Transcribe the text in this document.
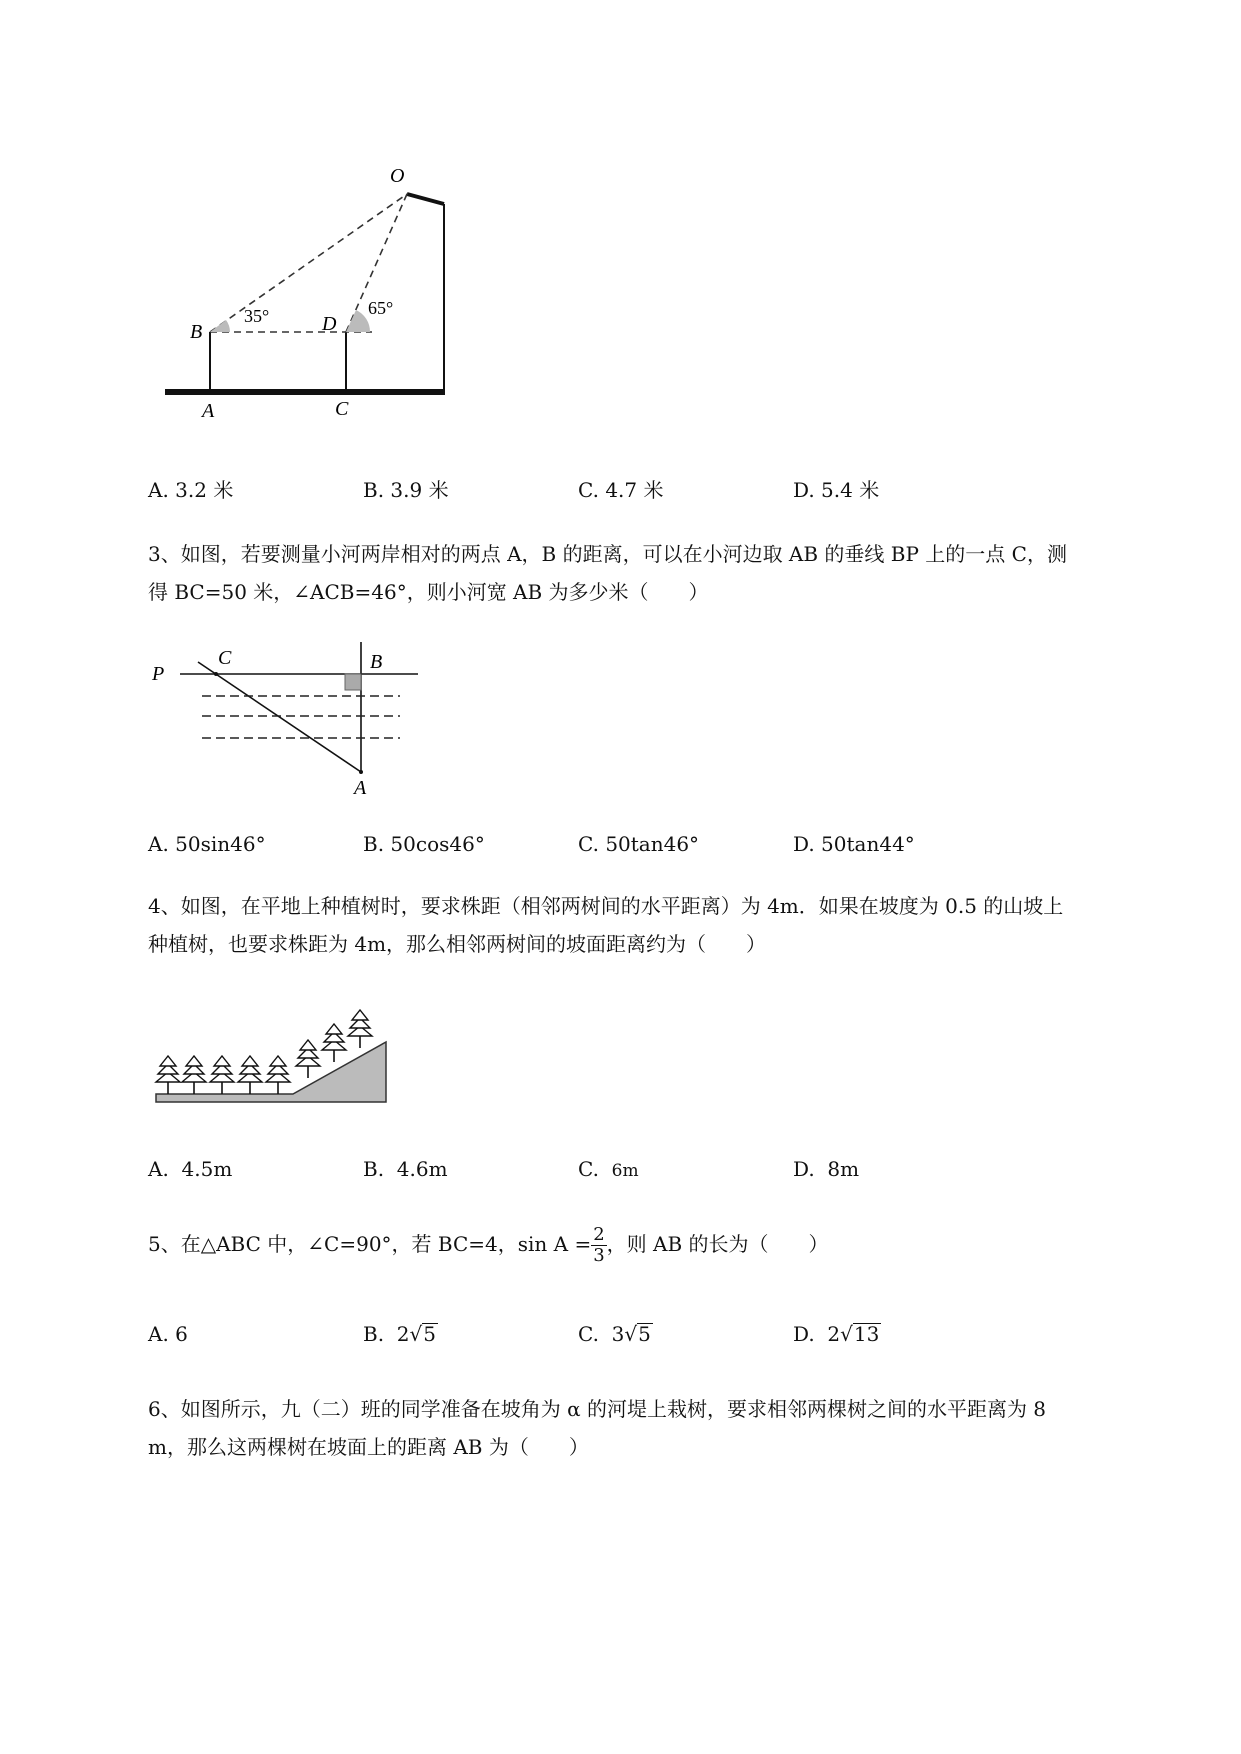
O
B	D
A	C
35°	65°
A. 3.2 米	B. 3.9 米	C. 4.7 米	D. 5.4 米
3、如图，若要测量小河两岸相对的两点 A，B 的距离，可以在小河边取 AB 的垂线 BP 上的一点 C，测
得 BC=50 米，∠ACB=46°，则小河宽 AB 为多少米（　　）
P
C	B
A
A. 50sin46°	B. 50cos46°	C. 50tan46°	D. 50tan44°
4、如图，在平地上种植树时，要求株距（相邻两树间的水平距离）为 4m．如果在坡度为 0.5 的山坡上
种植树，也要求株距为 4m，那么相邻两树间的坡面距离约为（　　）
A. 4.5m	B. 4.6m	C. 6m	D. 8m
5、在△ABC 中，∠C=90°，若 BC=4，$\sin A = \frac{2}{3}$ ，则 AB 的长为（　　）
A. 6	B. 2√5	C. 3√5	D. 2√13
6、如图所示，九（二）班的同学准备在坡角为 α 的河堤上栽树，要求相邻两棵树之间的水平距离为 8
m，那么这两棵树在坡面上的距离 AB 为（　　）
